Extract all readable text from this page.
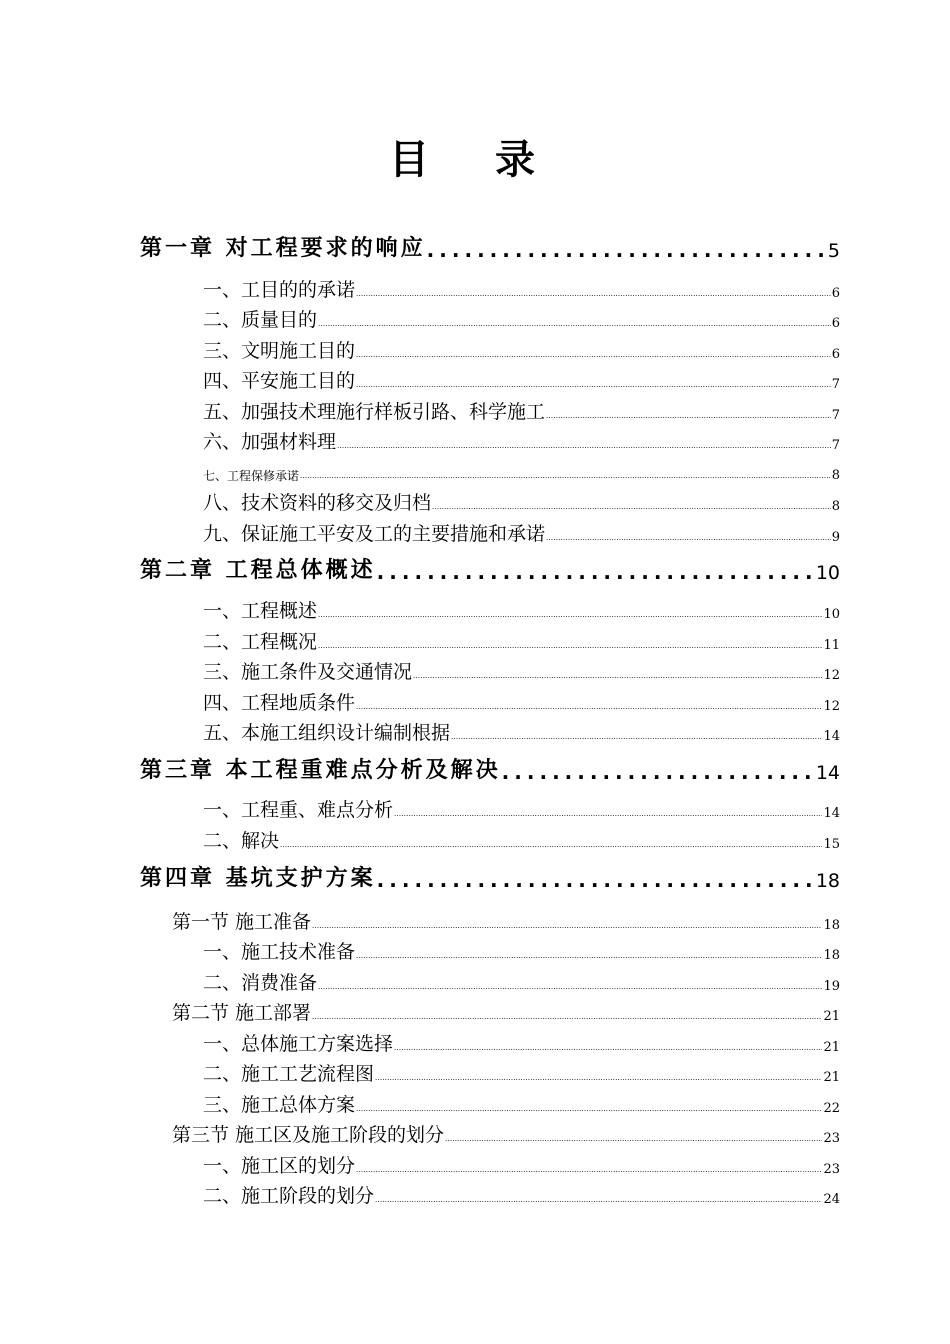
目 录
第一章 对工程要求的响应 .....	5
一、工目的的承诺 .....	6
二、质量目的 .....	6
三、文明施工目的 .....	6
四、平安施工目的 .....	7
五、加强技术理施行样板引路、科学施工 .....	7
六、加强材料理 .....	7
七、工程保修承诺 .....	8
八、技术资料的移交及归档 .....	8
九、保证施工平安及工的主要措施和承诺 .....	9
第二章 工程总体概述 .....	10
一、工程概述 .....	10
二、工程概况 .....	11
三、施工条件及交通情况 .....	12
四、工程地质条件 .....	12
五、本施工组织设计编制根据 .....	14
第三章 本工程重难点分析及解决 .....	14
一、工程重、难点分析 .....	14
二、解决 .....	15
第四章 基坑支护方案 .....	18
第一节 施工准备 .....	18
一、施工技术准备 .....	18
二、消费准备 .....	19
第二节 施工部署 .....	21
一、总体施工方案选择 .....	21
二、施工工艺流程图 .....	21
三、施工总体方案 .....	22
第三节 施工区及施工阶段的划分 .....	23
一、施工区的划分 .....	23
二、施工阶段的划分 .....	24
